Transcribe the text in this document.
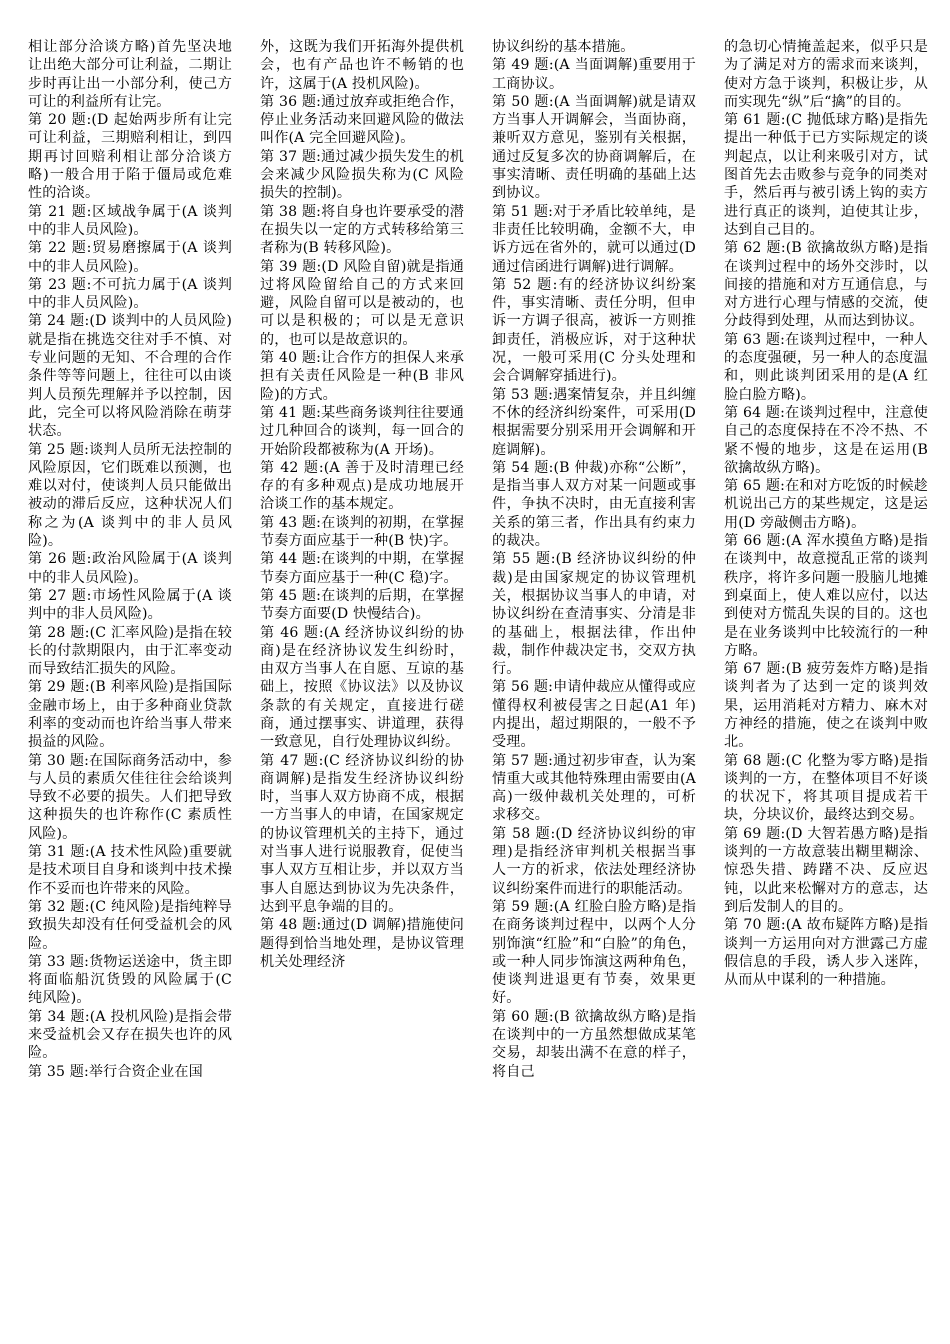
相让部分洽谈方略)首先坚决地让出绝大部分可让利益，二期让步时再让出一小部分利，使己方可让的利益所有让完。

第 20 题:(D 起始两步所有让完可让利益，三期赔利相让，到四期再讨回赔利相让部分洽谈方略)一般合用于陷于僵局或危难性的洽谈。

第 21 题:区域战争属于(A 谈判中的非人员风险)。

第 22 题:贸易磨擦属于(A 谈判中的非人员风险)。

第 23 题:不可抗力属于(A 谈判中的非人员风险)。

第 24 题:(D 谈判中的人员风险)就是指在挑选交往对手不慎、对专业问题的无知、不合理的合作条件等等问题上，往往可以由谈判人员预先理解并予以控制，因此，完全可以将风险消除在萌芽状态。

第 25 题:谈判人员所无法控制的风险原因，它们既难以预测，也难以对付，使谈判人员只能做出被动的滞后反应，这种状况人们称之为(A 谈判中的非人员风险)。

第 26 题:政治风险属于(A 谈判中的非人员风险)。

第 27 题:市场性风险属于(A 谈判中的非人员风险)。

第 28 题:(C 汇率风险)是指在较长的付款期限内，由于汇率变动而导致结汇损失的风险。

第 29 题:(B 利率风险)是指国际金融市场上，由于多种商业贷款利率的变动而也许给当事人带来损益的风险。

第 30 题:在国际商务活动中，参与人员的素质欠佳往往会给谈判导致不必要的损失。人们把导致这种损失的也许称作(C 素质性风险)。

第 31 题:(A 技术性风险)重要就是技术项目自身和谈判中技术操作不妥而也许带来的风险。

第 32 题:(C 纯风险)是指纯粹导致损失却没有任何受益机会的风险。

第 33 题:货物运送途中，货主即将面临船沉货毁的风险属于(C 纯风险)。

第 34 题:(A 投机风险)是指会带来受益机会又存在损失也许的风险。

第 35 题:举行合资企业在国

外，这既为我们开拓海外提供机会，也有产品也许不畅销的也许，这属于(A 投机风险)。

第 36 题:通过放弃或拒绝合作，停止业务活动来回避风险的做法叫作(A 完全回避风险)。

第 37 题:通过减少损失发生的机会来减少风险损失称为(C 风险损失的控制)。

第 38 题:将自身也许要承受的潜在损失以一定的方式转移给第三者称为(B 转移风险)。

第 39 题:(D 风险自留)就是指通过将风险留给自己的方式来回避，风险自留可以是被动的，也可以是积极的；可以是无意识的，也可以是故意识的。

第 40 题:让合作方的担保人来承担有关责任风险是一种(B 非风险)的方式。

第 41 题:某些商务谈判往往要通过几种回合的谈判，每一回合的开始阶段都被称为(A 开场)。

第 42 题:(A 善于及时清理已经存的有多种观点)是成功地展开洽谈工作的基本规定。

第 43 题:在谈判的初期，在掌握节奏方面应基于一种(B 快)字。

第 44 题:在谈判的中期，在掌握节奏方面应基于一种(C 稳)字。

第 45 题:在谈判的后期，在掌握节奏方面要(D 快慢结合)。

第 46 题:(A 经济协议纠纷的协商)是在经济协议发生纠纷时，由双方当事人在自愿、互谅的基础上，按照《协议法》以及协议条款的有关规定，直接进行磋商，通过摆事实、讲道理，获得一致意见，自行处理协议纠纷。

第 47 题:(C 经济协议纠纷的协商调解)是指发生经济协议纠纷时，当事人双方协商不成，根据一方当事人的申请，在国家规定的协议管理机关的主持下，通过对当事人进行说服教育，促使当事人双方互相让步，并以双方当事人自愿达到协议为先决条件，达到平息争端的目的。

第 48 题:通过(D 调解)措施使问题得到恰当地处理，是协议管理机关处理经济

协议纠纷的基本措施。

第 49 题:(A 当面调解)重要用于工商协议。

第 50 题:(A 当面调解)就是请双方当事人开调解会，当面协商，兼听双方意见，鉴别有关根据，通过反复多次的协商调解后，在事实清晰、责任明确的基础上达到协议。

第 51 题:对于矛盾比较单纯，是非责任比较明确，金额不大，申诉方远在省外的，就可以通过(D 通过信函进行调解)进行调解。

第 52 题:有的经济协议纠纷案件，事实清晰、责任分明，但申诉一方调子很高，被诉一方则推卸责任，消极应诉，对于这种状况，一般可采用(C 分头处理和会合调解穿插进行)。

第 53 题:遇案情复杂，并且纠缠不休的经济纠纷案件，可采用(D 根据需要分别采用开会调解和开庭调解)。

第 54 题:(B 仲裁)亦称“公断”，是指当事人双方对某一问题或事件，争执不决时，由无直接利害关系的第三者，作出具有约束力的裁决。

第 55 题:(B 经济协议纠纷的仲裁)是由国家规定的协议管理机关，根据协议当事人的申请，对协议纠纷在查清事实、分清是非的基础上，根据法律，作出仲裁，制作仲裁决定书，交双方执行。

第 56 题:申请仲裁应从懂得或应懂得权利被侵害之日起(A1 年)内提出，超过期限的，一般不予受理。

第 57 题:通过初步审查，认为案情重大或其他特殊理由需要由(A 高)一级仲裁机关处理的，可析求移交。

第 58 题:(D 经济协议纠纷的审理)是指经济审判机关根据当事人一方的祈求，依法处理经济协议纠纷案件而进行的职能活动。

第 59 题:(A 红脸白脸方略)是指在商务谈判过程中，以两个人分别饰演“红脸”和“白脸”的角色，或一种人同步饰演这两种角色，使谈判进退更有节奏，效果更好。

第 60 题:(B 欲擒故纵方略)是指在谈判中的一方虽然想做成某笔交易，却装出满不在意的样子，将自己

的急切心情掩盖起来，似乎只是为了满足对方的需求而来谈判，使对方急于谈判，积极让步，从而实现先“纵”后“擒”的目的。

第 61 题:(C 抛低球方略)是指先提出一种低于已方实际规定的谈判起点，以让利来吸引对方，试图首先去击败参与竞争的同类对手，然后再与被引诱上钩的卖方进行真正的谈判，迫使其让步，达到自己目的。

第 62 题:(B 欲擒故纵方略)是指在谈判过程中的场外交涉时，以间接的措施和对方互通信息，与对方进行心理与情感的交流，使分歧得到处理，从而达到协议。

第 63 题:在谈判过程中，一种人的态度强硬，另一种人的态度温和，则此谈判团采用的是(A 红脸白脸方略)。

第 64 题:在谈判过程中，注意使自己的态度保持在不冷不热、不紧不慢的地步，这是在运用(B 欲擒故纵方略)。

第 65 题:在和对方吃饭的时候趁机说出己方的某些规定，这是运用(D 旁敲侧击方略)。

第 66 题:(A 浑水摸鱼方略)是指在谈判中，故意搅乱正常的谈判秩序，将许多问题一股脑儿地摊到桌面上，使人难以应付，以达到使对方慌乱失误的目的。这也是在业务谈判中比较流行的一种方略。

第 67 题:(B 疲劳轰炸方略)是指谈判者为了达到一定的谈判效果，运用消耗对方精力、麻木对方神经的措施，使之在谈判中败北。

第 68 题:(C 化整为零方略)是指谈判的一方，在整体项目不好谈的状况下，将其项目提成若干块，分块议价，最终达到交易。

第 69 题:(D 大智若愚方略)是指谈判的一方故意装出糊里糊涂、惊恐失措、踌躇不决、反应迟钝，以此来松懈对方的意志，达到后发制人的目的。

第 70 题:(A 故布疑阵方略)是指谈判一方运用向对方泄露己方虚假信息的手段，诱人步入迷阵，从而从中谋利的一种措施。
